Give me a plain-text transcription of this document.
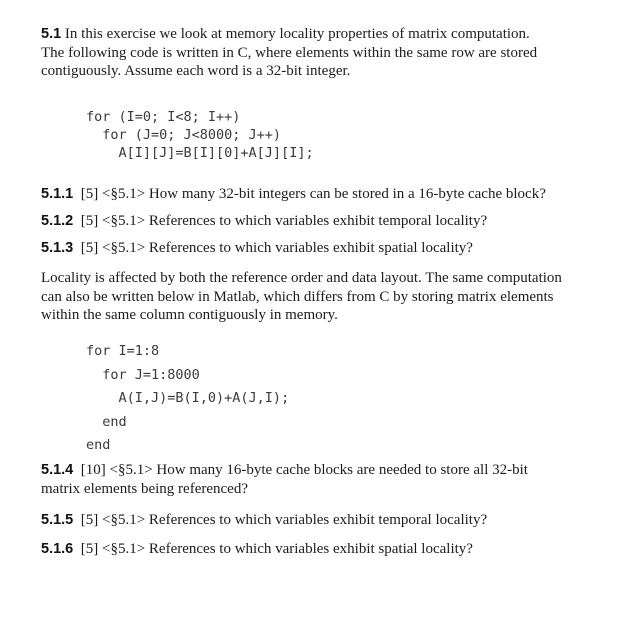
5.1 In this exercise we look at memory locality properties of matrix computation.
The following code is written in C, where elements within the same row are stored
contiguously. Assume each word is a 32-bit integer.
for (I=0; I<8; I++)
for (J=0; J<8000; J++)
A[I][J]=B[I][0]+A[J][I];
5.1.1 [5] <§5.1> How many 32-bit integers can be stored in a 16-byte cache block?
5.1.2 [5] <§5.1> References to which variables exhibit temporal locality?
5.1.3 [5] <§5.1> References to which variables exhibit spatial locality?
Locality is affected by both the reference order and data layout. The same computation
can also be written below in Matlab, which differs from C by storing matrix elements
within the same column contiguously in memory.
for I=1:8
for J=1:8000
A(I,J)=B(I,0)+A(J,I);
end
end
5.1.4 [10] <§5.1> How many 16-byte cache blocks are needed to store all 32-bit
matrix elements being referenced?
5.1.5 [5] <§5.1> References to which variables exhibit temporal locality?
5.1.6 [5] <§5.1> References to which variables exhibit spatial locality?
